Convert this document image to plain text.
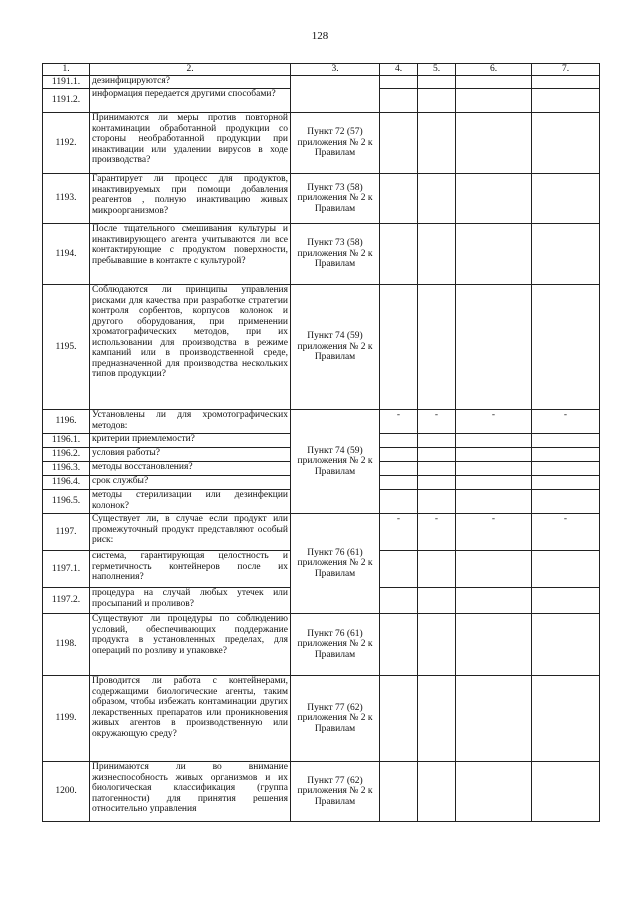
128
1.	2.	3.	4.	5.	6.	7.
1191.1.	дезинфицируются?					
1191.2.	информация передается другими способами?					
1192.	Принимаются ли меры против повторной контаминации обработанной продукции со стороны необработанной продукции при инактивации или удалении вирусов в ходе производства?	Пункт 72 (57) приложения № 2 к Правилам				
1193.	Гарантирует ли процесс для продуктов, инактивируемых при помощи добавления реагентов , полную инактивацию живых микроорганизмов?	Пункт 73 (58) приложения № 2 к Правилам				
1194.	После тщательного смешивания культуры и инактивирующего агента учитываются ли все контактирующие с продуктом поверхности, пребывавшие в контакте с культурой?	Пункт 73 (58) приложения № 2 к Правилам				
1195.	Соблюдаются ли принципы управления рисками для качества при разработке стратегии контроля сорбентов, корпусов колонок и другого оборудования, при применении хроматографических методов, при их использовании для производства в режиме кампаний или в производственной среде, предназначенной для производства нескольких типов продукции?	Пункт 74 (59) приложения № 2 к Правилам				
1196.	Установлены ли для хромотографических методов:	Пункт 74 (59) приложения № 2 к Правилам	-	-	-	-
1196.1.	критерии приемлемости?					
1196.2.	условия работы?					
1196.3.	методы восстановления?					
1196.4.	срок службы?					
1196.5.	методы стерилизации или дезинфекции колонок?					
1197.	Существует ли, в случае если продукт или промежуточный продукт представляют особый риск:	Пункт 76 (61) приложения № 2 к Правилам	-	-	-	-
1197.1.	система, гарантирующая целостность и герметичность контейнеров после их наполнения?					
1197.2.	процедура на случай любых утечек или просыпаний и проливов?					
1198.	Существуют ли процедуры по соблюдению условий, обеспечивающих поддержание продукта в установленных пределах, для операций по розливу и упаковке?	Пункт 76 (61) приложения № 2 к Правилам				
1199.	Проводится ли работа с контейнерами, содержащими биологические агенты, таким образом, чтобы избежать контаминации других лекарственных препаратов или проникновения живых агентов в производственную или окружающую среду?	Пункт 77 (62) приложения № 2 к Правилам				
1200.	Принимаются ли во внимание жизнеспособность живых организмов и их биологическая классификация (группа патогенности) для принятия решения относительно управления	Пункт 77 (62) приложения № 2 к Правилам				
